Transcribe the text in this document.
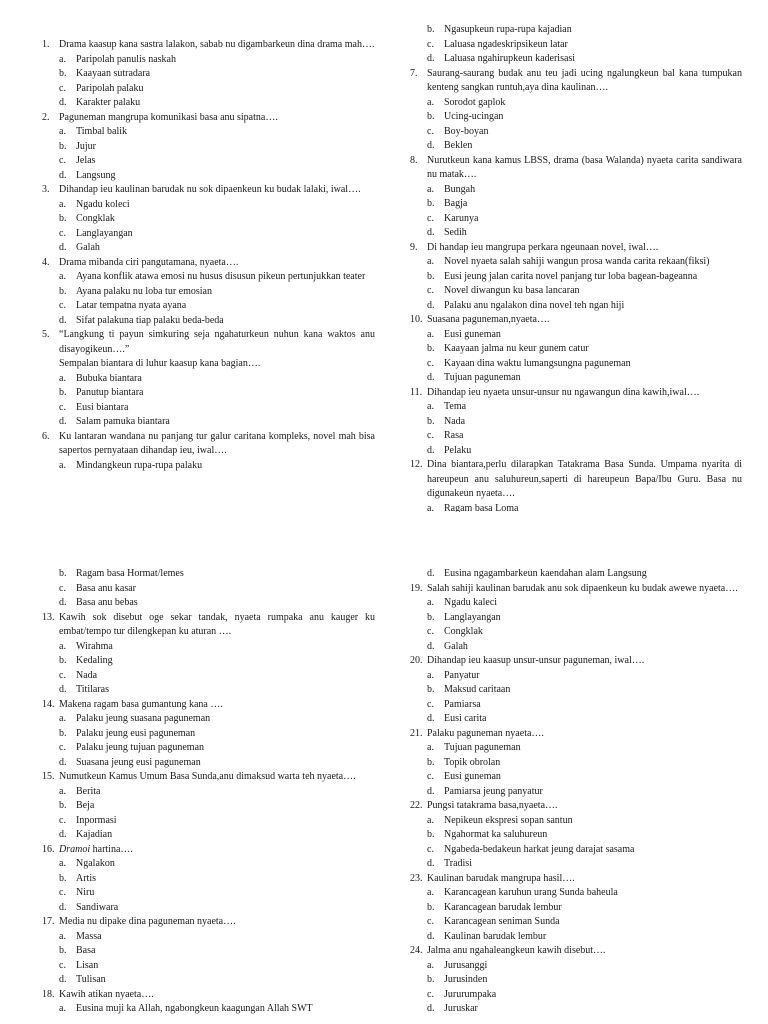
1. Drama kaasup kana sastra lalakon, sabab nu digambarkeun dina drama mah….
a. Paripolah panulis naskah
b. Kaayaan sutradara
c. Paripolah palaku
d. Karakter palaku
2. Paguneman mangrupa komunikasi basa anu sipatna….
a. Timbal balik
b. Jujur
c. Jelas
d. Langsung
3. Dihandap ieu kaulinan barudak nu sok dipaenkeun ku budak lalaki, iwal….
a. Ngadu koleci
b. Congklak
c. Langlayangan
d. Galah
4. Drama mibanda ciri pangutamana, nyaeta….
a. Ayana konflik atawa emosi nu husus disusun pikeun pertunjukkan teater
b. Ayana palaku nu loba tur emosian
c. Latar tempatna nyata ayana
d. Sifat palakuna tiap palaku beda-beda
5. “Langkung ti payun simkuring seja ngahaturkeun nuhun kana waktos anu disayogikeun….”
Sempalan biantara di luhur kaasup kana bagian….
a. Bubuka biantara
b. Panutup biantara
c. Eusi biantara
d. Salam pamuka biantara
6. Ku lantaran wandana nu panjang tur galur caritana kompleks, novel mah bisa sapertos pernyataan dihandap ieu, iwal….
a. Mindangkeun rupa-rupa palaku
b. Ngasupkeun rupa-rupa kajadian
c. Laluasa ngadeskripsikeun latar
d. Laluasa ngahirupkeun kaderisasi
7. Saurang-saurang budak anu teu jadi ucing ngalungkeun bal kana tumpukan kenteng sangkan runtuh,aya dina kaulinan….
a. Sorodot gaplok
b. Ucing-ucingan
c. Boy-boyan
d. Beklen
8. Nurutkeun kana kamus LBSS, drama (basa Walanda) nyaeta carita sandiwara nu matak….
a. Bungah
b. Bagja
c. Karunya
d. Sedih
9. Di handap ieu mangrupa perkara ngeunaan novel, iwal….
a. Novel nyaeta salah sahiji wangun prosa wanda carita rekaan(fiksi)
b. Eusi jeung jalan carita novel panjang tur loba bagean-bageanna
c. Novel diwangun ku basa lancaran
d. Palaku anu ngalakon dina novel teh ngan hiji
10. Suasana paguneman,nyaeta….
a. Eusi guneman
b. Kaayaan jalma nu keur gunem catur
c. Kayaan dina waktu lumangsungna paguneman
d. Tujuan paguneman
11. Dihandap ieu nyaeta unsur-unsur nu ngawangun dina kawih,iwal….
a. Tema
b. Nada
c. Rasa
d. Pelaku
12. Dina biantara,perlu dilarapkan Tatakrama Basa Sunda. Umpama nyarita di hareupeun anu saluhureun,saperti di hareupeun Bapa/Ibu Guru. Basa nu digunakeun nyaeta….
a. Ragam basa Loma
b. Ragam basa Hormat/lemes
c. Basa anu kasar
d. Basa anu bebas
13. Kawih sok disebut oge sekar tandak, nyaeta rumpaka anu kauger ku embat/tempo tur dilengkepan ku aturan ….
a. Wirahma
b. Kedaling
c. Nada
d. Titilaras
14. Makena ragam basa gumantung kana ….
a. Palaku jeung suasana paguneman
b. Palaku jeung eusi paguneman
c. Palaku jeung tujuan paguneman
d. Suasana jeung eusi paguneman
15. Numutkeun Kamus Umum Basa Sunda,anu dimaksud warta teh nyaeta….
a. Berita
b. Beja
c. Inpormasi
d. Kajadian
16. Dramoi hartina….
a. Ngalakon
b. Artis
c. Niru
d. Sandiwara
17. Media nu dipake dina paguneman nyaeta….
a. Massa
b. Basa
c. Lisan
d. Tulisan
18. Kawih atikan nyaeta….
a. Eusina muji ka Allah, ngabongkeun kaagungan Allah SWT
d. Eusina ngagambarkeun kaendahan alam Langsung
19. Salah sahiji kaulinan barudak anu sok dipaenkeun ku budak awewe nyaeta….
a. Ngadu kaleci
b. Langlayangan
c. Congklak
d. Galah
20. Dihandap ieu kaasup unsur-unsur paguneman, iwal….
a. Panyatur
b. Maksud caritaan
c. Pamiarsa
d. Eusi carita
21. Palaku paguneman nyaeta….
a. Tujuan paguneman
b. Topik obrolan
c. Eusi guneman
d. Pamiarsa jeung panyatur
22. Pungsi tatakrama basa,nyaeta….
a. Nepikeun ekspresi sopan santun
b. Ngahormat ka saluhureun
c. Ngabeda-bedakeun harkat jeung darajat sasama
d. Tradisi
23. Kaulinan barudak mangrupa hasil….
a. Karancagean karuhun urang Sunda baheula
b. Karancagean barudak lembur
c. Karancagean seniman Sunda
d. Kaulinan barudak lembur
24. Jalma anu ngahaleangkeun kawih disebut….
a. Jurusanggi
b. Jurusinden
c. Jururumpaka
d. Juruskar
